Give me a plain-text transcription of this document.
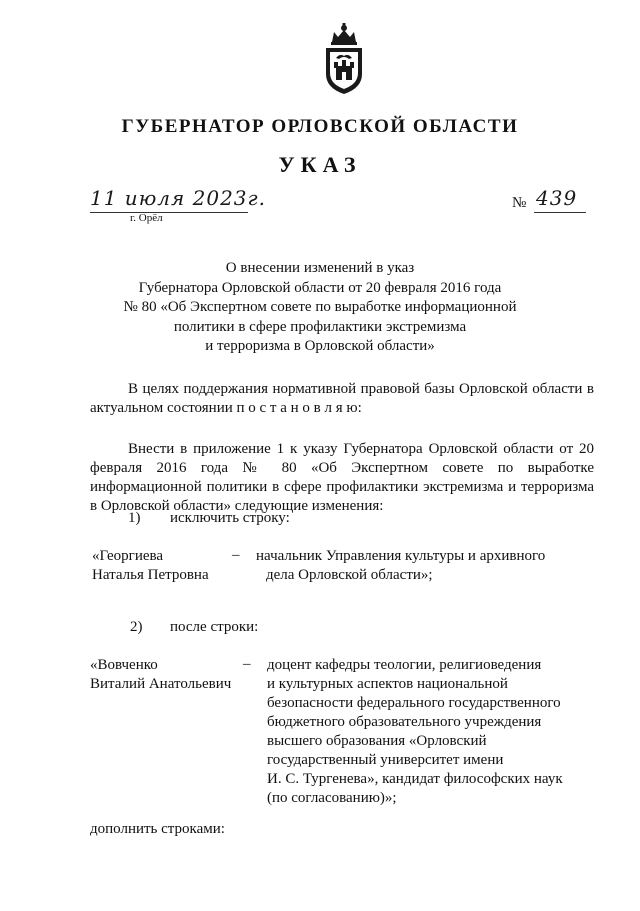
ГУБЕРНАТОР ОРЛОВСКОЙ ОБЛАСТИ
УКАЗ
11 июля 2023г.
г. Орёл
№ 439
О внесении изменений в указ
Губернатора Орловской области от 20 февраля 2016 года
№ 80 «Об Экспертном совете по выработке информационной
политики в сфере профилактики экстремизма
и терроризма в Орловской области»
В целях поддержания нормативной правовой базы Орловской области в актуальном состоянии п о с т а н о в л я ю:
Внести в приложение 1 к указу Губернатора Орловской области от 20 февраля 2016 года № 80 «Об Экспертном совете по выработке информационной политики в сфере профилактики экстремизма и терроризма в Орловской области» следующие изменения:
1) исключить строку:
«Георгиева
Наталья Петровна
– начальник Управления культуры и архивного
дела Орловской области»;
2) после строки:
«Вовченко
Виталий Анатольевич
– доцент кафедры теологии, религиоведения
и культурных аспектов национальной
безопасности федерального государственного
бюджетного образовательного учреждения
высшего образования «Орловский
государственный университет имени
И. С. Тургенева», кандидат философских наук
(по согласованию)»;
дополнить строками:
